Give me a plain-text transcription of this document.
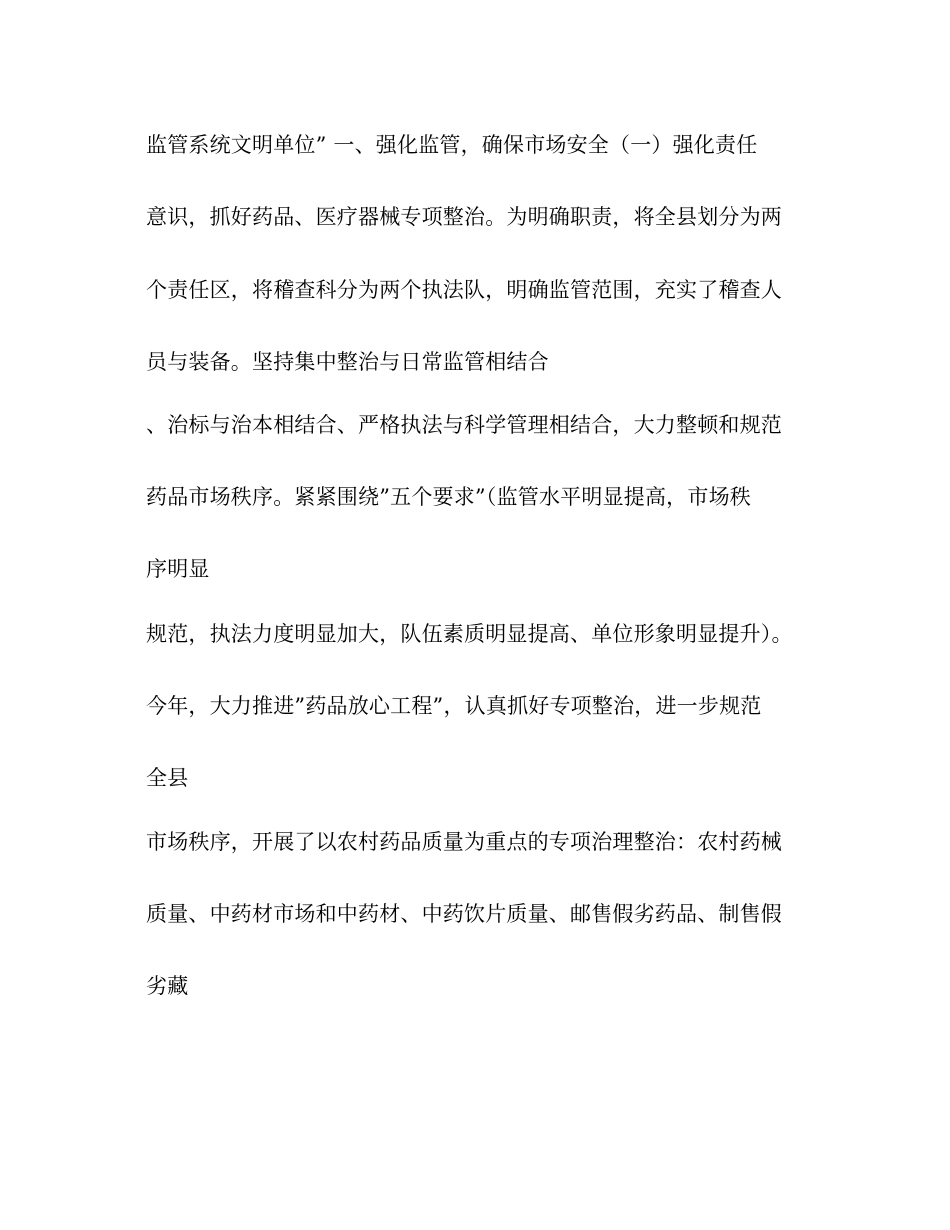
监管系统文明单位” 一、强化监管，确保市场安全（一）强化责任
意识，抓好药品、医疗器械专项整治。为明确职责，将全县划分为两
个责任区，将稽查科分为两个执法队，明确监管范围，充实了稽查人
员与装备。坚持集中整治与日常监管相结合
、治标与治本相结合、严格执法与科学管理相结合，大力整顿和规范
药品市场秩序。紧紧围绕”五个要求”（监管水平明显提高，市场秩
序明显
规范，执法力度明显加大，队伍素质明显提高、单位形象明显提升）。
今年，大力推进”药品放心工程”，认真抓好专项整治，进一步规范
全县
市场秩序，开展了以农村药品质量为重点的专项治理整治：农村药械
质量、中药材市场和中药材、中药饮片质量、邮售假劣药品、制售假
劣藏
